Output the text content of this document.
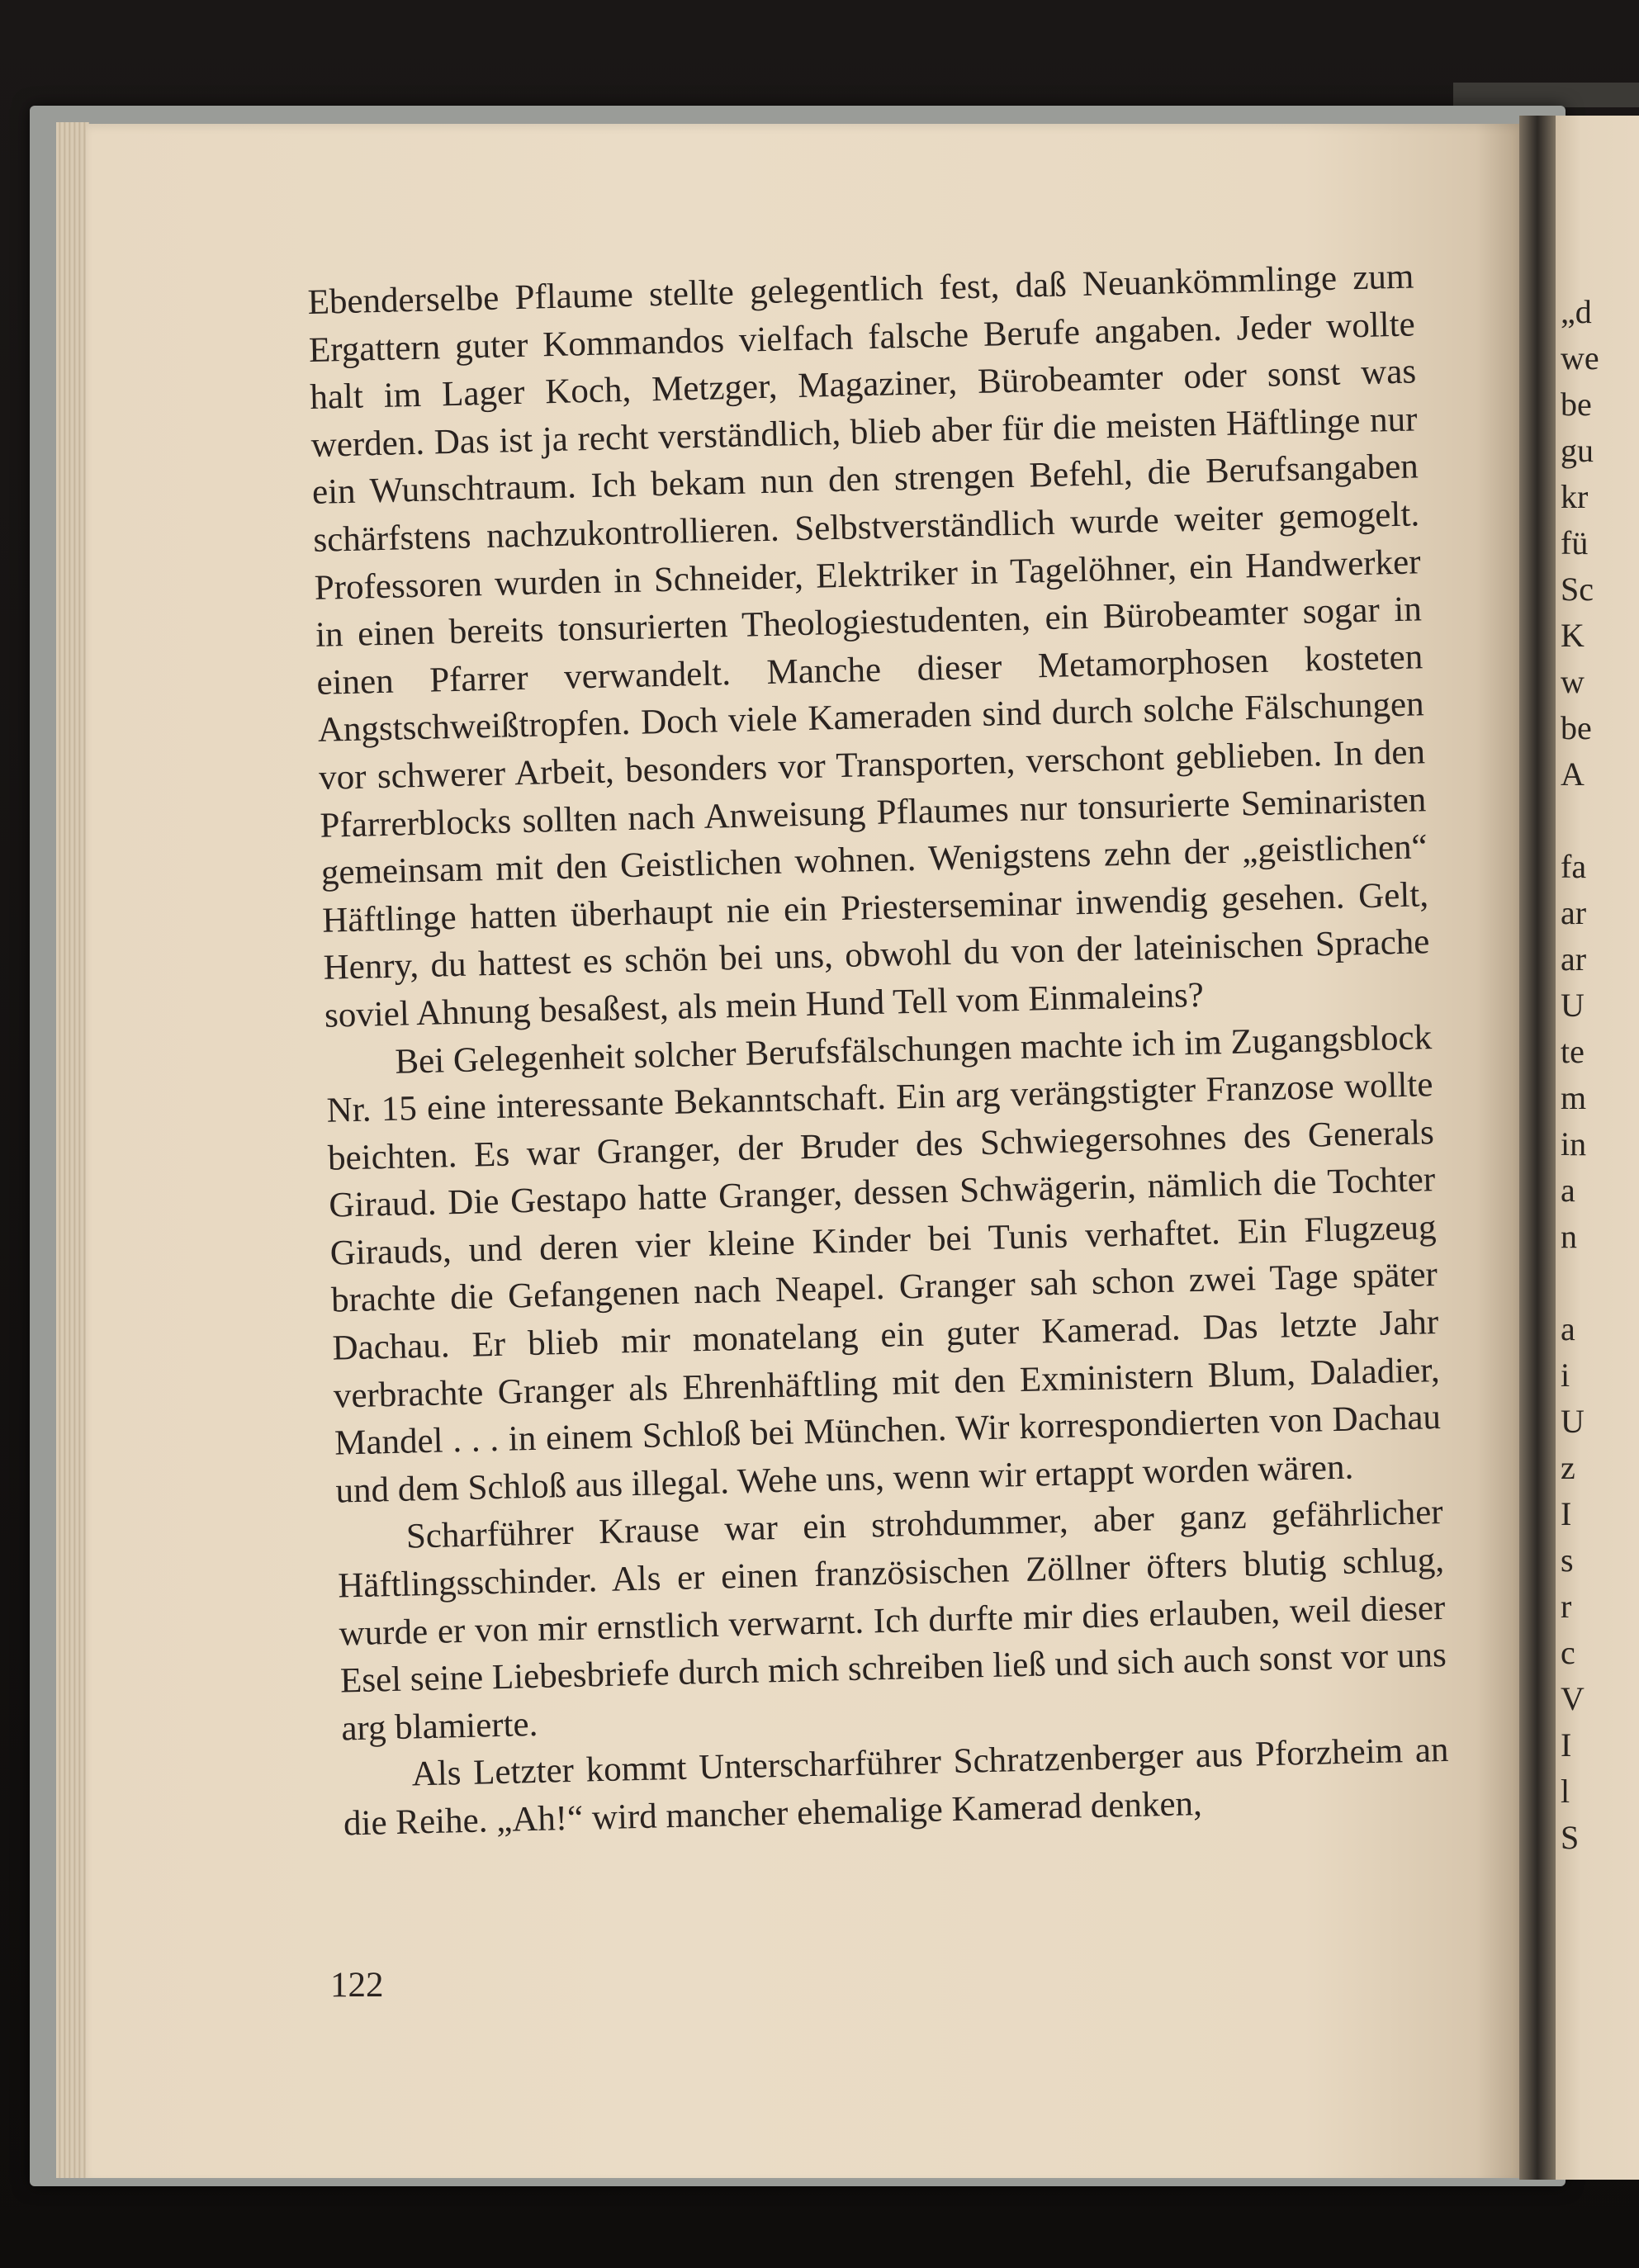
Ebenderselbe Pflaume stellte gelegentlich fest, daß Neuankömmlinge zum Ergattern guter Kommandos vielfach falsche Berufe angaben. Jeder wollte halt im Lager Koch, Metzger, Magaziner, Bürobeamter oder sonst was werden. Das ist ja recht verständlich, blieb aber für die meisten Häftlinge nur ein Wunschtraum. Ich bekam nun den strengen Befehl, die Berufsangaben schärfstens nachzukontrollieren. Selbstverständlich wurde weiter gemogelt. Professoren wurden in Schneider, Elektriker in Tagelöhner, ein Handwerker in einen bereits tonsurierten Theologiestudenten, ein Bürobeamter sogar in einen Pfarrer verwandelt. Manche dieser Metamorphosen kosteten Angstschweißtropfen. Doch viele Kameraden sind durch solche Fälschungen vor schwerer Arbeit, besonders vor Transporten, verschont geblieben. In den Pfarrerblocks sollten nach Anweisung Pflaumes nur tonsurierte Seminaristen gemeinsam mit den Geistlichen wohnen. Wenigstens zehn der „geistlichen“ Häftlinge hatten überhaupt nie ein Priesterseminar inwendig gesehen. Gelt, Henry, du hattest es schön bei uns, obwohl du von der lateinischen Sprache soviel Ahnung besaßest, als mein Hund Tell vom Einmaleins?

Bei Gelegenheit solcher Berufsfälschungen machte ich im Zugangsblock Nr. 15 eine interessante Bekanntschaft. Ein arg verängstigter Franzose wollte beichten. Es war Granger, der Bruder des Schwiegersohnes des Generals Giraud. Die Gestapo hatte Granger, dessen Schwägerin, nämlich die Tochter Girauds, und deren vier kleine Kinder bei Tunis verhaftet. Ein Flugzeug brachte die Gefangenen nach Neapel. Granger sah schon zwei Tage später Dachau. Er blieb mir monatelang ein guter Kamerad. Das letzte Jahr verbrachte Granger als Ehrenhäftling mit den Exministern Blum, Daladier, Mandel . . . in einem Schloß bei München. Wir korrespondierten von Dachau und dem Schloß aus illegal. Wehe uns, wenn wir ertappt worden wären.

Scharführer Krause war ein strohdummer, aber ganz gefährlicher Häftlingsschinder. Als er einen französischen Zöllner öfters blutig schlug, wurde er von mir ernstlich verwarnt. Ich durfte mir dies erlauben, weil dieser Esel seine Liebesbriefe durch mich schreiben ließ und sich auch sonst vor uns arg blamierte.

Als Letzter kommt Unterscharführer Schratzenberger aus Pforzheim an die Reihe. „Ah!“ wird mancher ehemalige Kamerad denken,

122
„d
we
be
gu
kr
fü
Sc
K
w
be
A
fa
ar
ar
U
te
m
in
a
n
a
i
U
z
I
s
r
c
V
I
l
S
